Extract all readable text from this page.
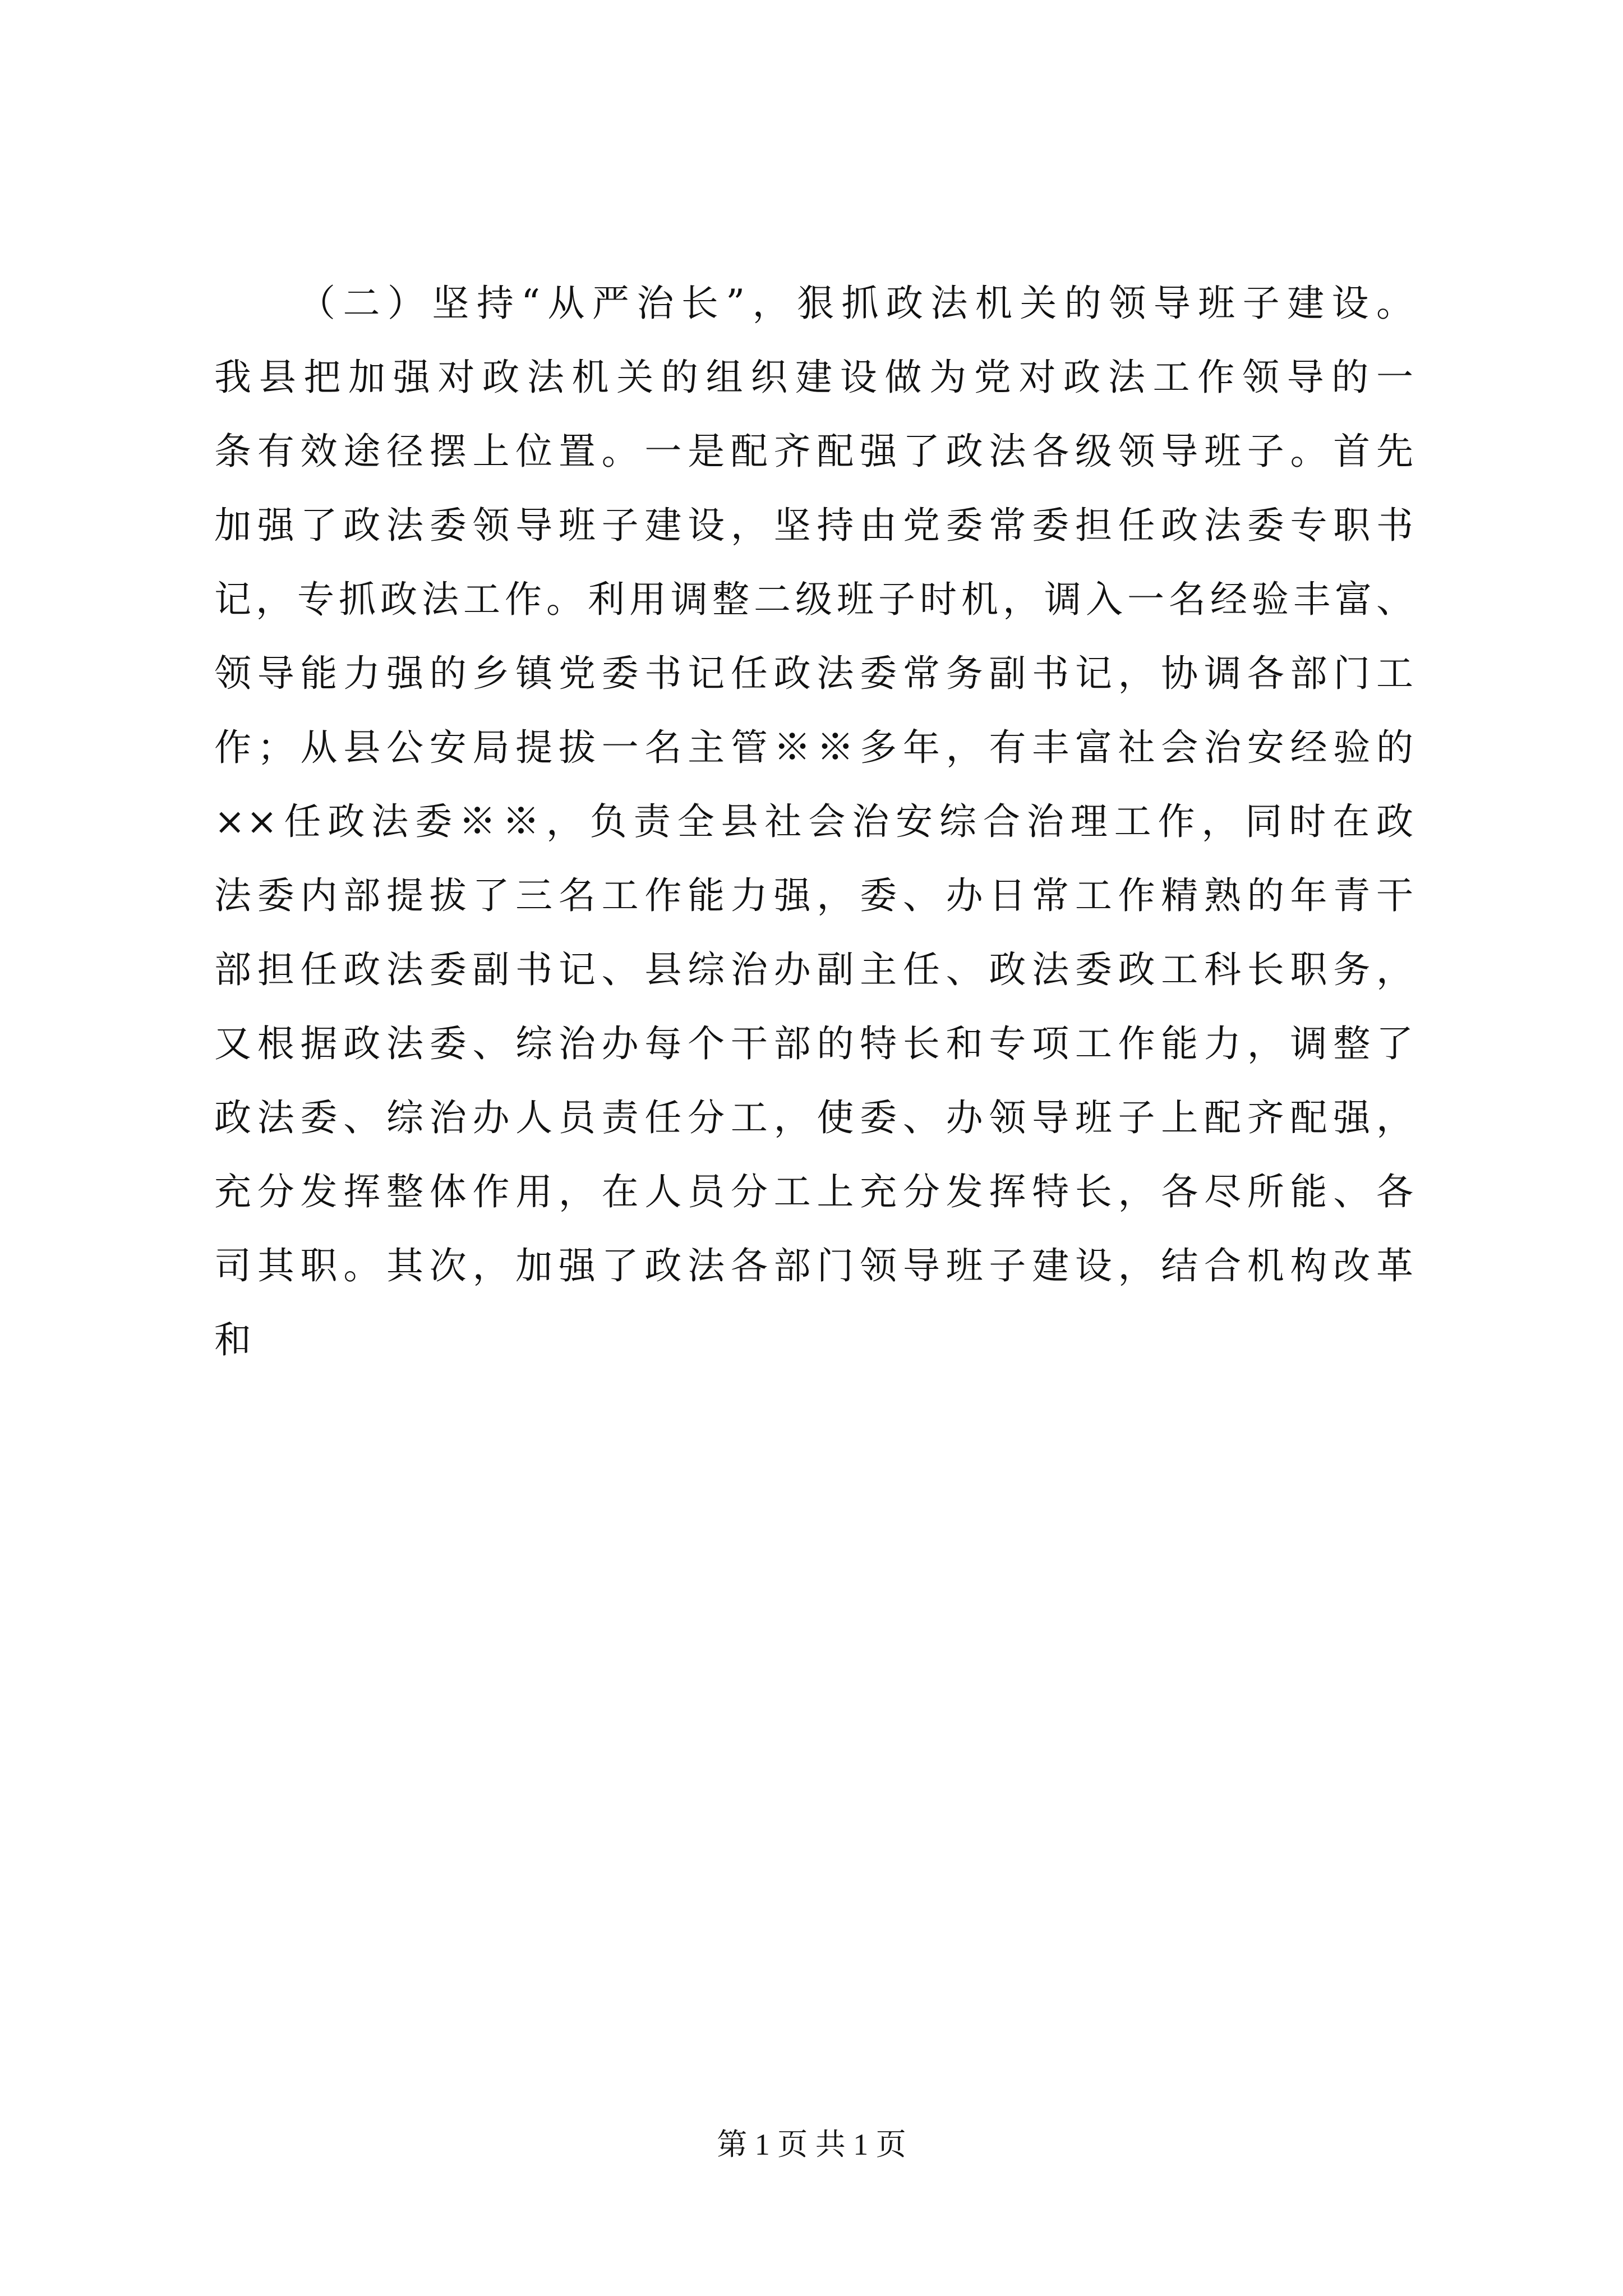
（二）坚持“从严治长”，狠抓政法机关的领导班子建设。
我县把加强对政法机关的组织建设做为党对政法工作领导的一
条有效途径摆上位置。一是配齐配强了政法各级领导班子。首先
加强了政法委领导班子建设，坚持由党委常委担任政法委专职书
记，专抓政法工作。利用调整二级班子时机，调入一名经验丰富、
领导能力强的乡镇党委书记任政法委常务副书记，协调各部门工
作；从县公安局提拔一名主管※※多年，有丰富社会治安经验的
××任政法委※※，负责全县社会治安综合治理工作，同时在政
法委内部提拔了三名工作能力强，委、办日常工作精熟的年青干
部担任政法委副书记、县综治办副主任、政法委政工科长职务，
又根据政法委、综治办每个干部的特长和专项工作能力，调整了
政法委、综治办人员责任分工，使委、办领导班子上配齐配强，
充分发挥整体作用，在人员分工上充分发挥特长，各尽所能、各
司其职。其次，加强了政法各部门领导班子建设，结合机构改革
和
第 1 页 共 1 页
